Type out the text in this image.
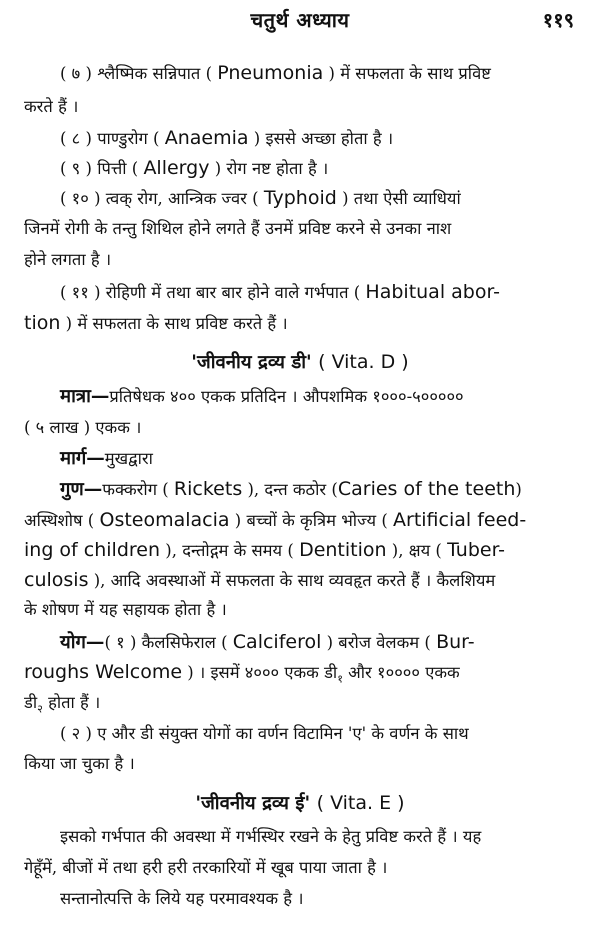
चतुर्थ अध्याय	११९
( ७ ) श्लैष्मिक सन्निपात ( Pneumonia ) में सफलता के साथ प्रविष्ट
करते हैं ।
( ८ ) पाण्डुरोग ( Anaemia ) इससे अच्छा होता है ।
( ९ ) पित्ती ( Allergy ) रोग नष्ट होता है ।
( १० ) त्वक् रोग, आन्त्रिक ज्वर ( Typhoid ) तथा ऐसी व्याधियां
जिनमें रोगी के तन्तु शिथिल होने लगते हैं उनमें प्रविष्ट करने से उनका नाश
होने लगता है ।
( ११ ) रोहिणी में तथा बार बार होने वाले गर्भपात ( Habitual abor-
tion ) में सफलता के साथ प्रविष्ट करते हैं ।
'जीवनीय द्रव्य डी' ( Vita. D )
मात्रा—प्रतिषेधक ४०० एकक प्रतिदिन । औपशमिक १०००-५०००००
( ५ लाख ) एकक ।
मार्ग—मुखद्वारा
गुण—फक्करोग ( Rickets ), दन्त कठोर (Caries of the teeth)
अस्थिशोष ( Osteomalacia ) बच्चों के कृत्रिम भोज्य ( Artificial feed-
ing of children ), दन्तोद्गम के समय ( Dentition ), क्षय ( Tuber-
culosis ), आदि अवस्थाओं में सफलता के साथ व्यवहृत करते हैं । कैलशियम
के शोषण में यह सहायक होता है ।
योग—( १ ) कैलसिफेराल ( Calciferol ) बरोज वेलकम ( Bur-
roughs Welcome ) । इसमें ४००० एकक $डी_१$ और १०००० एकक
$डी_२$ होता हैं ।
( २ ) ए और डी संयुक्त योगों का वर्णन विटामिन 'ए' के वर्णन के साथ
किया जा चुका है ।
'जीवनीय द्रव्य ई' ( Vita. E )
इसको गर्भपात की अवस्था में गर्भस्थिर रखने के हेतु प्रविष्ट करते हैं । यह
गेहूँमें, बीजों में तथा हरी हरी तरकारियों में खूब पाया जाता है ।
सन्तानोत्पत्ति के लिये यह परमावश्यक है ।
